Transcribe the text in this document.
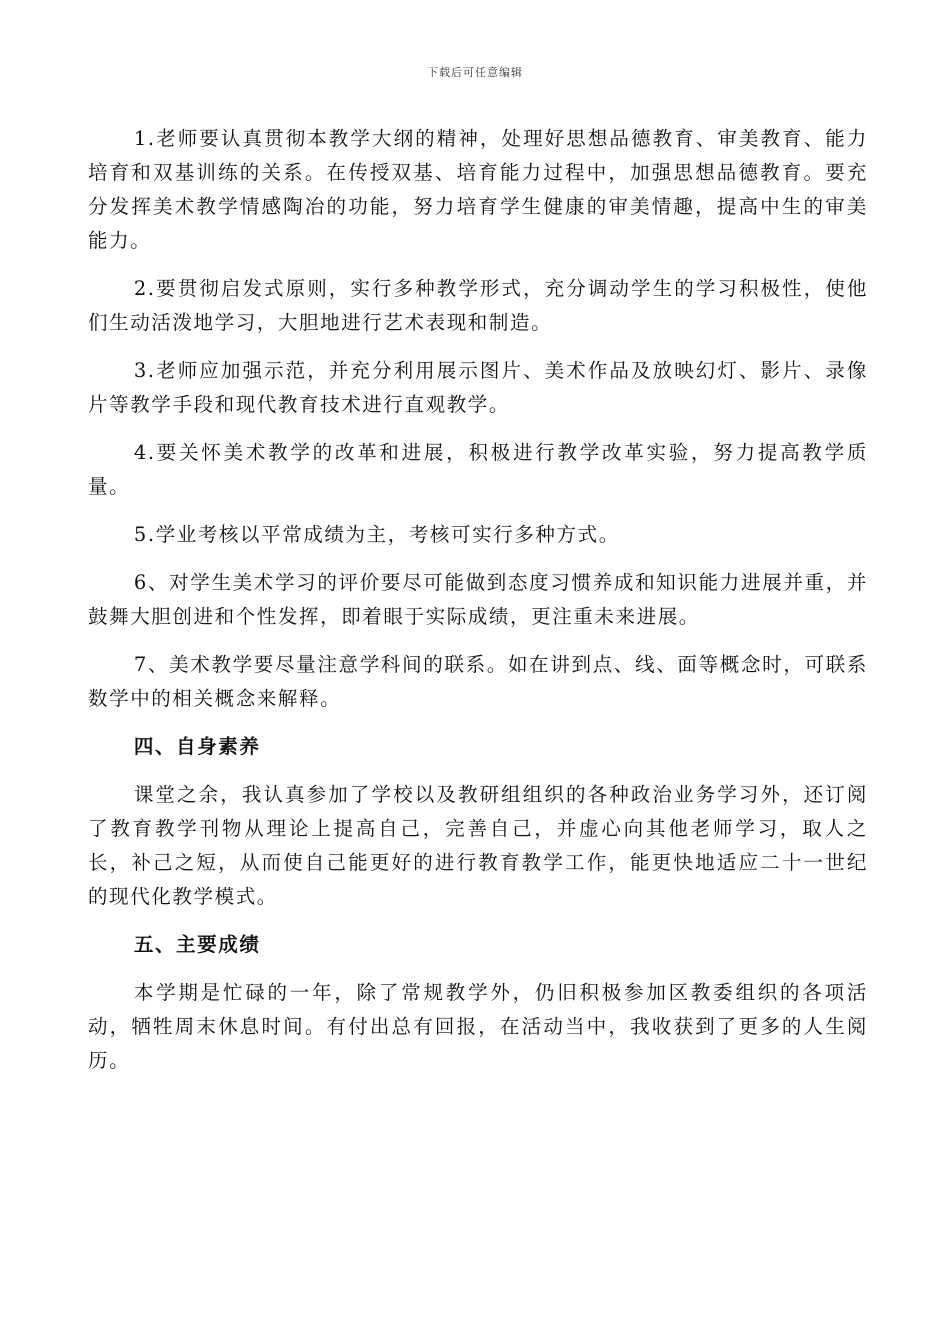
下载后可任意编辑

1.老师要认真贯彻本教学大纲的精神，处理好思想品德教育、审美教育、能力培育和双基训练的关系。在传授双基、培育能力过程中，加强思想品德教育。要充分发挥美术教学情感陶冶的功能，努力培育学生健康的审美情趣，提高中生的审美能力。

2.要贯彻启发式原则，实行多种教学形式，充分调动学生的学习积极性，使他们生动活泼地学习，大胆地进行艺术表现和制造。

3.老师应加强示范，并充分利用展示图片、美术作品及放映幻灯、影片、录像片等教学手段和现代教育技术进行直观教学。

4.要关怀美术教学的改革和进展，积极进行教学改革实验，努力提高教学质量。

5.学业考核以平常成绩为主，考核可实行多种方式。

6、对学生美术学习的评价要尽可能做到态度习惯养成和知识能力进展并重，并鼓舞大胆创进和个性发挥，即着眼于实际成绩，更注重未来进展。

7、美术教学要尽量注意学科间的联系。如在讲到点、线、面等概念时，可联系数学中的相关概念来解释。

四、自身素养

课堂之余，我认真参加了学校以及教研组组织的各种政治业务学习外，还订阅了教育教学刊物从理论上提高自己，完善自己，并虚心向其他老师学习，取人之长，补己之短，从而使自己能更好的进行教育教学工作，能更快地适应二十一世纪的现代化教学模式。

五、主要成绩

本学期是忙碌的一年，除了常规教学外，仍旧积极参加区教委组织的各项活动，牺牲周末休息时间。有付出总有回报，在活动当中，我收获到了更多的人生阅历。
